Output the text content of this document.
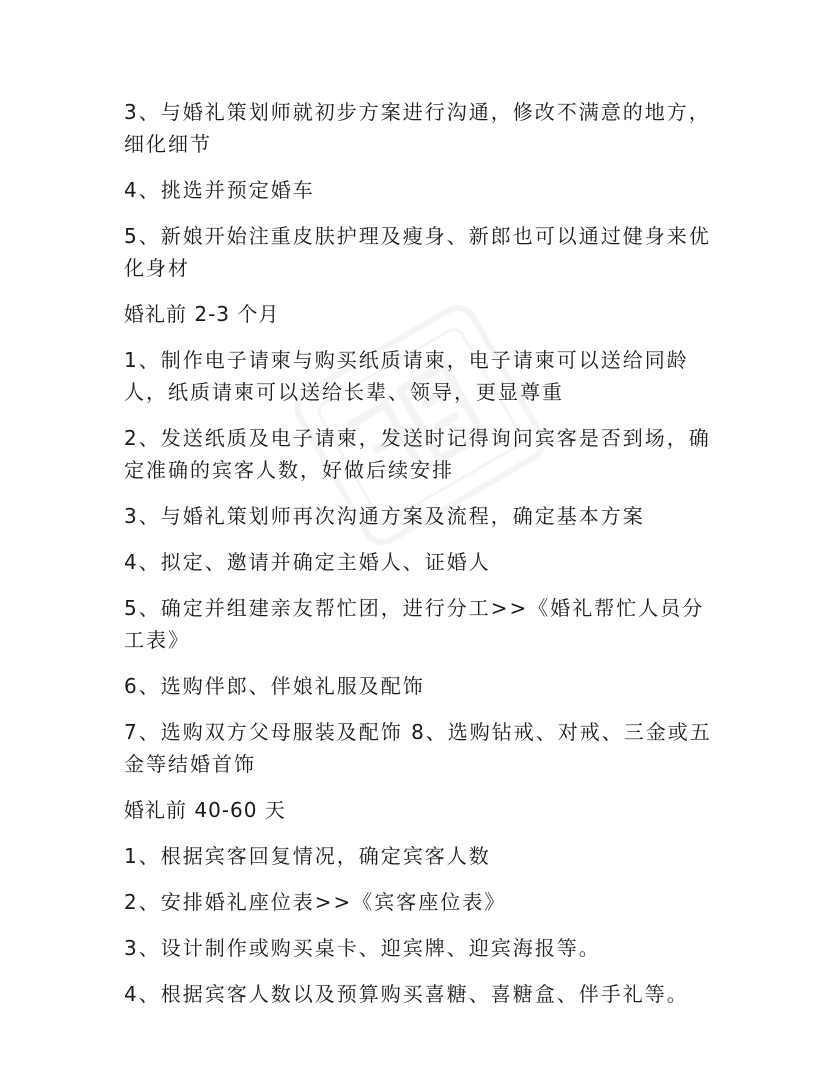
3、与婚礼策划师就初步方案进行沟通，修改不满意的地方，细化细节

4、挑选并预定婚车

5、新娘开始注重皮肤护理及瘦身、新郎也可以通过健身来优化身材

婚礼前 2-3 个月

1、制作电子请柬与购买纸质请柬，电子请柬可以送给同龄人，纸质请柬可以送给长辈、领导，更显尊重

2、发送纸质及电子请柬，发送时记得询问宾客是否到场，确定准确的宾客人数，好做后续安排

3、与婚礼策划师再次沟通方案及流程，确定基本方案

4、拟定、邀请并确定主婚人、证婚人

5、确定并组建亲友帮忙团，进行分工>>《婚礼帮忙人员分工表》

6、选购伴郎、伴娘礼服及配饰

7、选购双方父母服装及配饰 8、选购钻戒、对戒、三金或五金等结婚首饰

婚礼前 40-60 天

1、根据宾客回复情况，确定宾客人数

2、安排婚礼座位表>>《宾客座位表》

3、设计制作或购买桌卡、迎宾牌、迎宾海报等。

4、根据宾客人数以及预算购买喜糖、喜糖盒、伴手礼等。
